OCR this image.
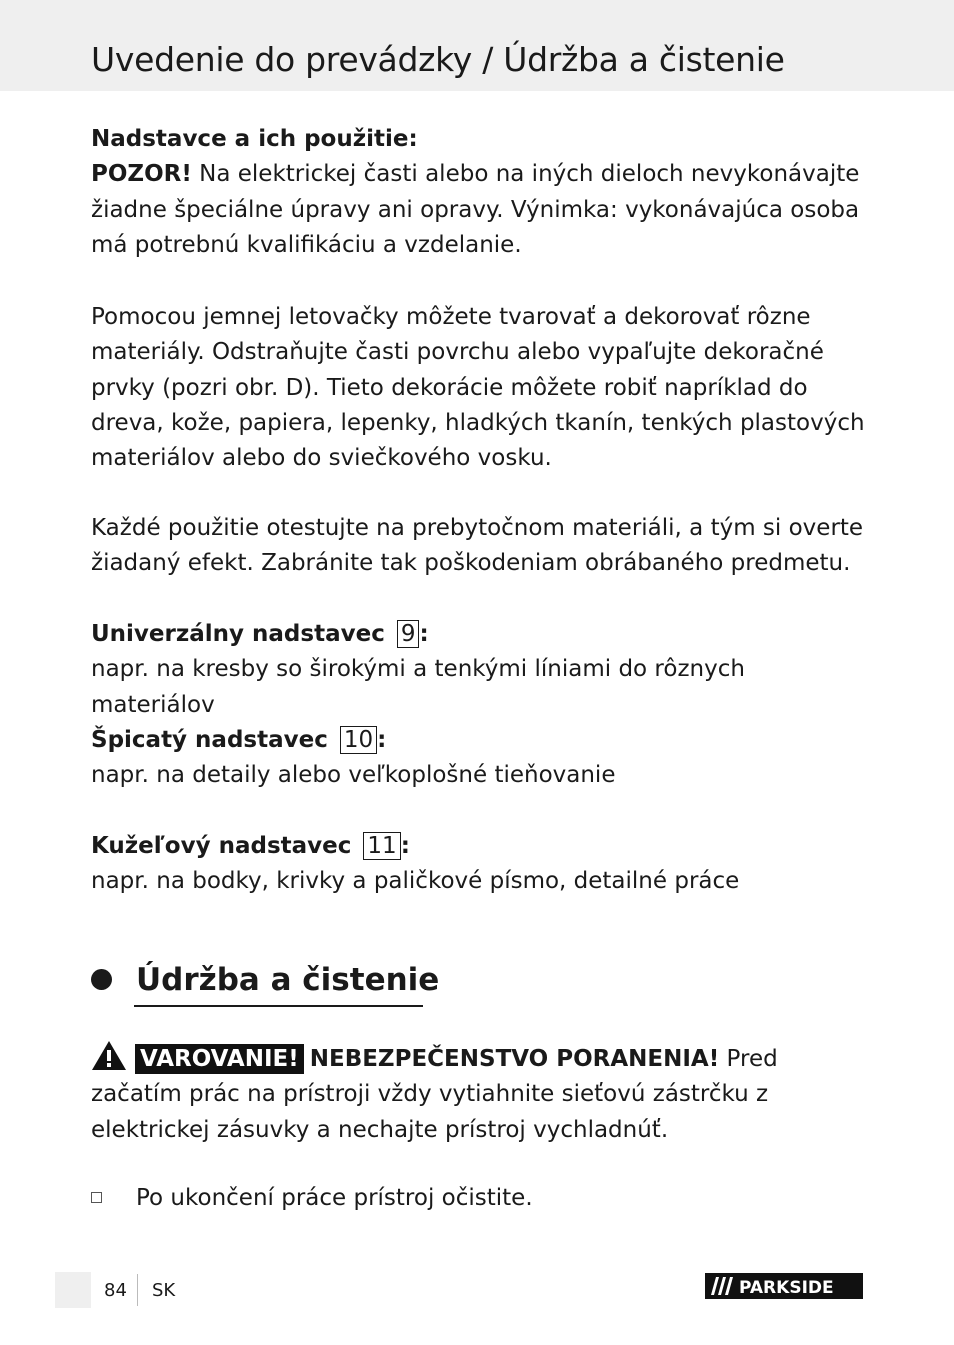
Uvedenie do prevádzky / Údržba a čistenie

Nadstavce a ich použitie:

POZOR! Na elektrickej časti alebo na iných dieloch nevykonávajte žiadne špeciálne úpravy ani opravy. Výnimka: vykonávajúca osoba má potrebnú kvalifikáciu a vzdelanie.

Pomocou jemnej letovačky môžete tvarovať a dekorovať rôzne materiály. Odstraňujte časti povrchu alebo vypaľujte dekoračné prvky (pozri obr. D). Tieto dekorácie môžete robiť napríklad do dreva, kože, papiera, lepenky, hladkých tkanín, tenkých plastových materiálov alebo do sviečkového vosku.

Každé použitie otestujte na prebytočnom materiáli, a tým si overte žiadaný efekt. Zabránite tak poškodeniam obrábaného predmetu.

Univerzálny nadstavec 9 :

napr. na kresby so širokými a tenkými líniami do rôznych materiálov

Špicatý nadstavec 10 :

napr. na detaily alebo veľkoplošné tieňovanie

Kužeľový nadstavec 11 :

napr. na bodky, krivky a paličkové písmo, detailné práce

Údržba a čistenie

VAROVANIE! NEBEZPEČENSTVO PORANENIA! Pred začatím prác na prístroji vždy vytiahnite sieťovú zástrčku z elektrickej zásuvky a nechajte prístroj vychladnúť.

Po ukončení práce prístroj očistite.

84 SK	PARKSIDE
